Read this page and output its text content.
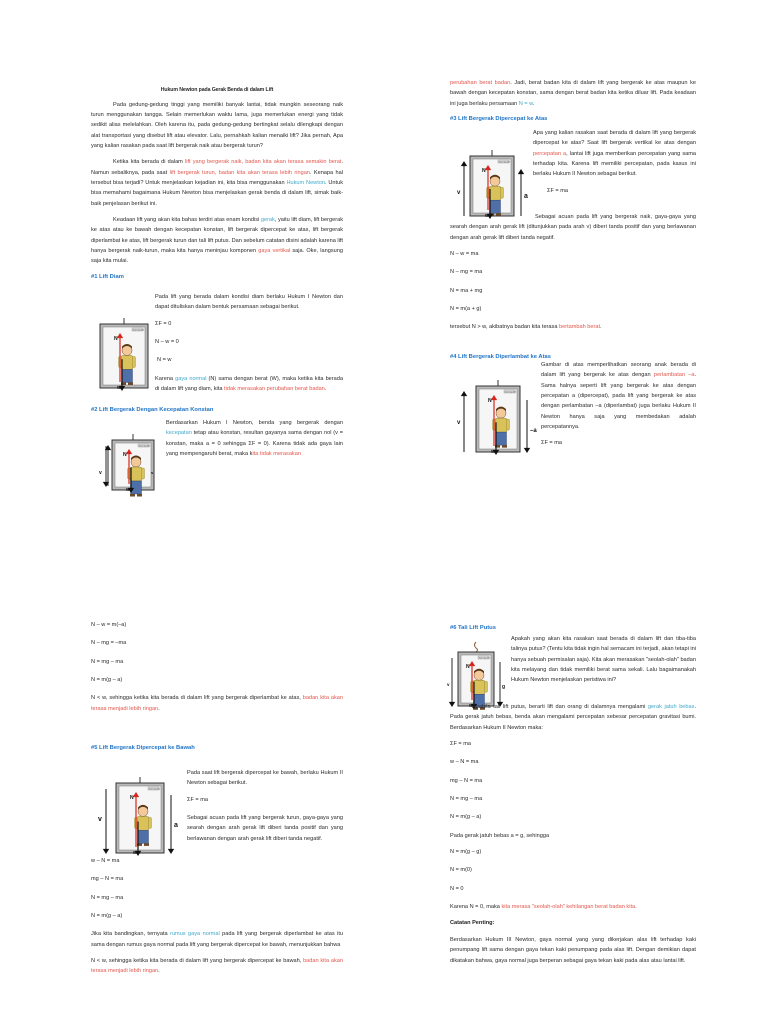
Hukum Newton pada Gerak Benda di dalam Lift

Pada gedung-gedung tinggi yang memiliki banyak lantai, tidak mungkin seseorang naik turun menggunakan tangga. Selain memerlukan waktu lama, juga memerlukan energi yang tidak sedikit alias melelahkan. Oleh karena itu, pada gedung-gedung bertingkat selalu dilengkapi dengan alat transportasi yang disebut lift atau elevator. Lalu, pernahkah kalian menaiki lift? Jika pernah, Apa yang kalian rasakan pada saat lift bergerak naik atau bergerak turun?

Ketika kita berada di dalam lift yang bergerak naik, badan kita akan terasa semakin berat. Namun sebaliknya, pada saat lift bergerak turun, badan kita akan terasa lebih ringan. Kenapa hal tersebut bisa terjadi? Untuk menjelaskan kejadian ini, kita bisa menggunakan Hukum Newton. Untuk bisa memahami bagaimana Hukum Newton bisa menjelaskan gerak benda di dalam lift, simak baik-baik penjelasan berikut ini.

Keadaan lift yang akan kita bahas terdiri atas enam kondisi gerak, yaitu lift diam, lift bergerak ke atas atau ke bawah dengan kecepatan konstan, lift bergerak dipercepat ke atas, lift bergerak diperlambat ke atas, lift bergerak turun dan tali lift putus. Dan sebelum catatan disini adalah karena lift hanya bergerak naik-turun, maka kita hanya meninjau komponen gaya vertikal saja. Oke, langsung saja kita mulai.

#1 Lift Diam
Sistem Gaya 9000
N
w

Pada lift yang berada dalam kondisi diam berlaku Hukum I Newton dan dapat dituliskan dalam bentuk persamaan sebagai berikut.

ΣF = 0
N – w = 0
N = w

Karena gaya normal (N) sama dengan berat (W), maka ketika kita berada di dalam lift yang diam, kita tidak merasakan perubahan berat badan.

#2 Lift Bergerak Dengan Kecepatan Konstan
Sistem Gaya 9000
N
w
v	s

Berdasarkan Hukum I Newton, benda yang bergerak dengan kecepatan tetap atau konstan, resultan gayanya sama dengan nol (v = konstan, maka a = 0 sehingga ΣF = 0). Karena tidak ada gaya lain yang mempengaruhi berat, maka kita tidak merasakan

perubahan berat badan. Jadi, berat badan kita di dalam lift yang bergerak ke atas maupun ke bawah dengan kecepatan konstan, sama dengan berat badan kita ketika diluar lift. Pada keadaan ini juga berlaku persamaan N = w.

#3 Lift Bergerak Dipercepat ke Atas
Sistem Gaya 9000
N
w
v	a

Apa yang kalian rasakan saat berada di dalam lift yang bergerak dipercepat ke atas? Saat lift bergerak vertikal ke atas dengan percepatan a, lantai lift juga memberikan percepatan yang sama terhadap kita. Karena lift memiliki percepatan, pada kasus ini berlaku Hukum II Newton sebagai berikut.

ΣF = ma

Sebagai acuan pada lift yang bergerak naik, gaya-gaya yang searah dengan arah gerak lift (ditunjukkan pada arah v) diberi tanda positif dan yang berlawanan dengan arah gerak lift diberi tanda negatif.

N – w = ma
N – mg = ma
N = ma + mg
N = m(a + g)

tersebut N > w, akibatnya badan kita terasa bertambah berat.

#4 Lift Bergerak Diperlambat ke Atas
Sistem Gaya 9000
N
w
v
–a

Gambar di atas memperlihatkan seorang anak berada di dalam lift yang bergerak ke atas dengan perlambatan –a. Sama halnya seperti lift yang bergerak ke atas dengan percepatan a (dipercepat), pada lift yang bergerak ke atas dengan perlambatan –a (diperlambat) juga berlaku Hukum II Newton hanya saja yang membedakan adalah percepatannya.

ΣF = ma
N – w = m(–a)
N – mg = –ma
N = mg – ma
N = m(g – a)

N < w, sehingga ketika kita berada di dalam lift yang bergerak diperlambat ke atas, badan kita akan terasa menjadi lebih ringan.

#5 Lift Bergerak Dipercepat ke Bawah
Sistem Gaya 9000
N
w
v
a

Pada saat lift bergerak dipercepat ke bawah, berlaku Hukum II Newton sebagai berikut.

ΣF = ma

Sebagai acuan pada lift yang bergerak turun, gaya-gaya yang searah dengan arah gerak lift diberi tanda positif dan yang berlawanan dengan arah gerak lift diberi tanda negatif.

w – N = ma
mg – N = ma
N = mg – ma
N = m(g – a)

Jika kita bandingkan, ternyata rumus gaya normal pada lift yang bergerak diperlambat ke atas itu sama dengan rumus gaya normal pada lift yang bergerak dipercepat ke bawah, menunjukkan bahwa

N < w, sehingga ketika kita berada di dalam lift yang bergerak dipercepat ke bawah, badan kita akan terasa menjadi lebih ringan.

#6 Tali Lift Putus
Sistem Gaya 9000
N
w
v	g

Apakah yang akan kita rasakan saat berada di dalam lift dan tiba-tiba talinya putus? (Tentu kita tidak ingin hal semacam ini terjadi, akan tetapi ini hanya sebuah permisalan saja). Kita akan merasakan "seolah-olah" badan kita melayang dan tidak memiliki berat sama sekali. Lalu bagaimanakah Hukum Newton menjelaskan peristiwa ini?

Apabila tali lift putus, berarti lift dan orang di dalamnya mengalami gerak jatuh bebas. Pada gerak jatuh bebas, benda akan mengalami percepatan sebesar percepatan gravitasi bumi. Berdasarkan Hukum II Newton maka:

ΣF = ma
w – N = ma
mg – N = ma
N = mg – ma
N = m(g – a)

Pada gerak jatuh bebas a = g, sehingga

N = m(g – g)
N = m(0)
N = 0

Karena N = 0, maka kita merasa "seolah-olah" kehilangan berat badan kita.

Catatan Penting:

Berdasarkan Hukum III Newton, gaya normal yang yang dikerjakan alas lift terhadap kaki penumpang lift sama dengan gaya tekan kaki penumpang pada alas lift. Dengan demikian dapat dikatakan bahwa, gaya normal juga berperan sebagai gaya tekan kaki pada alas atau lantai lift.
